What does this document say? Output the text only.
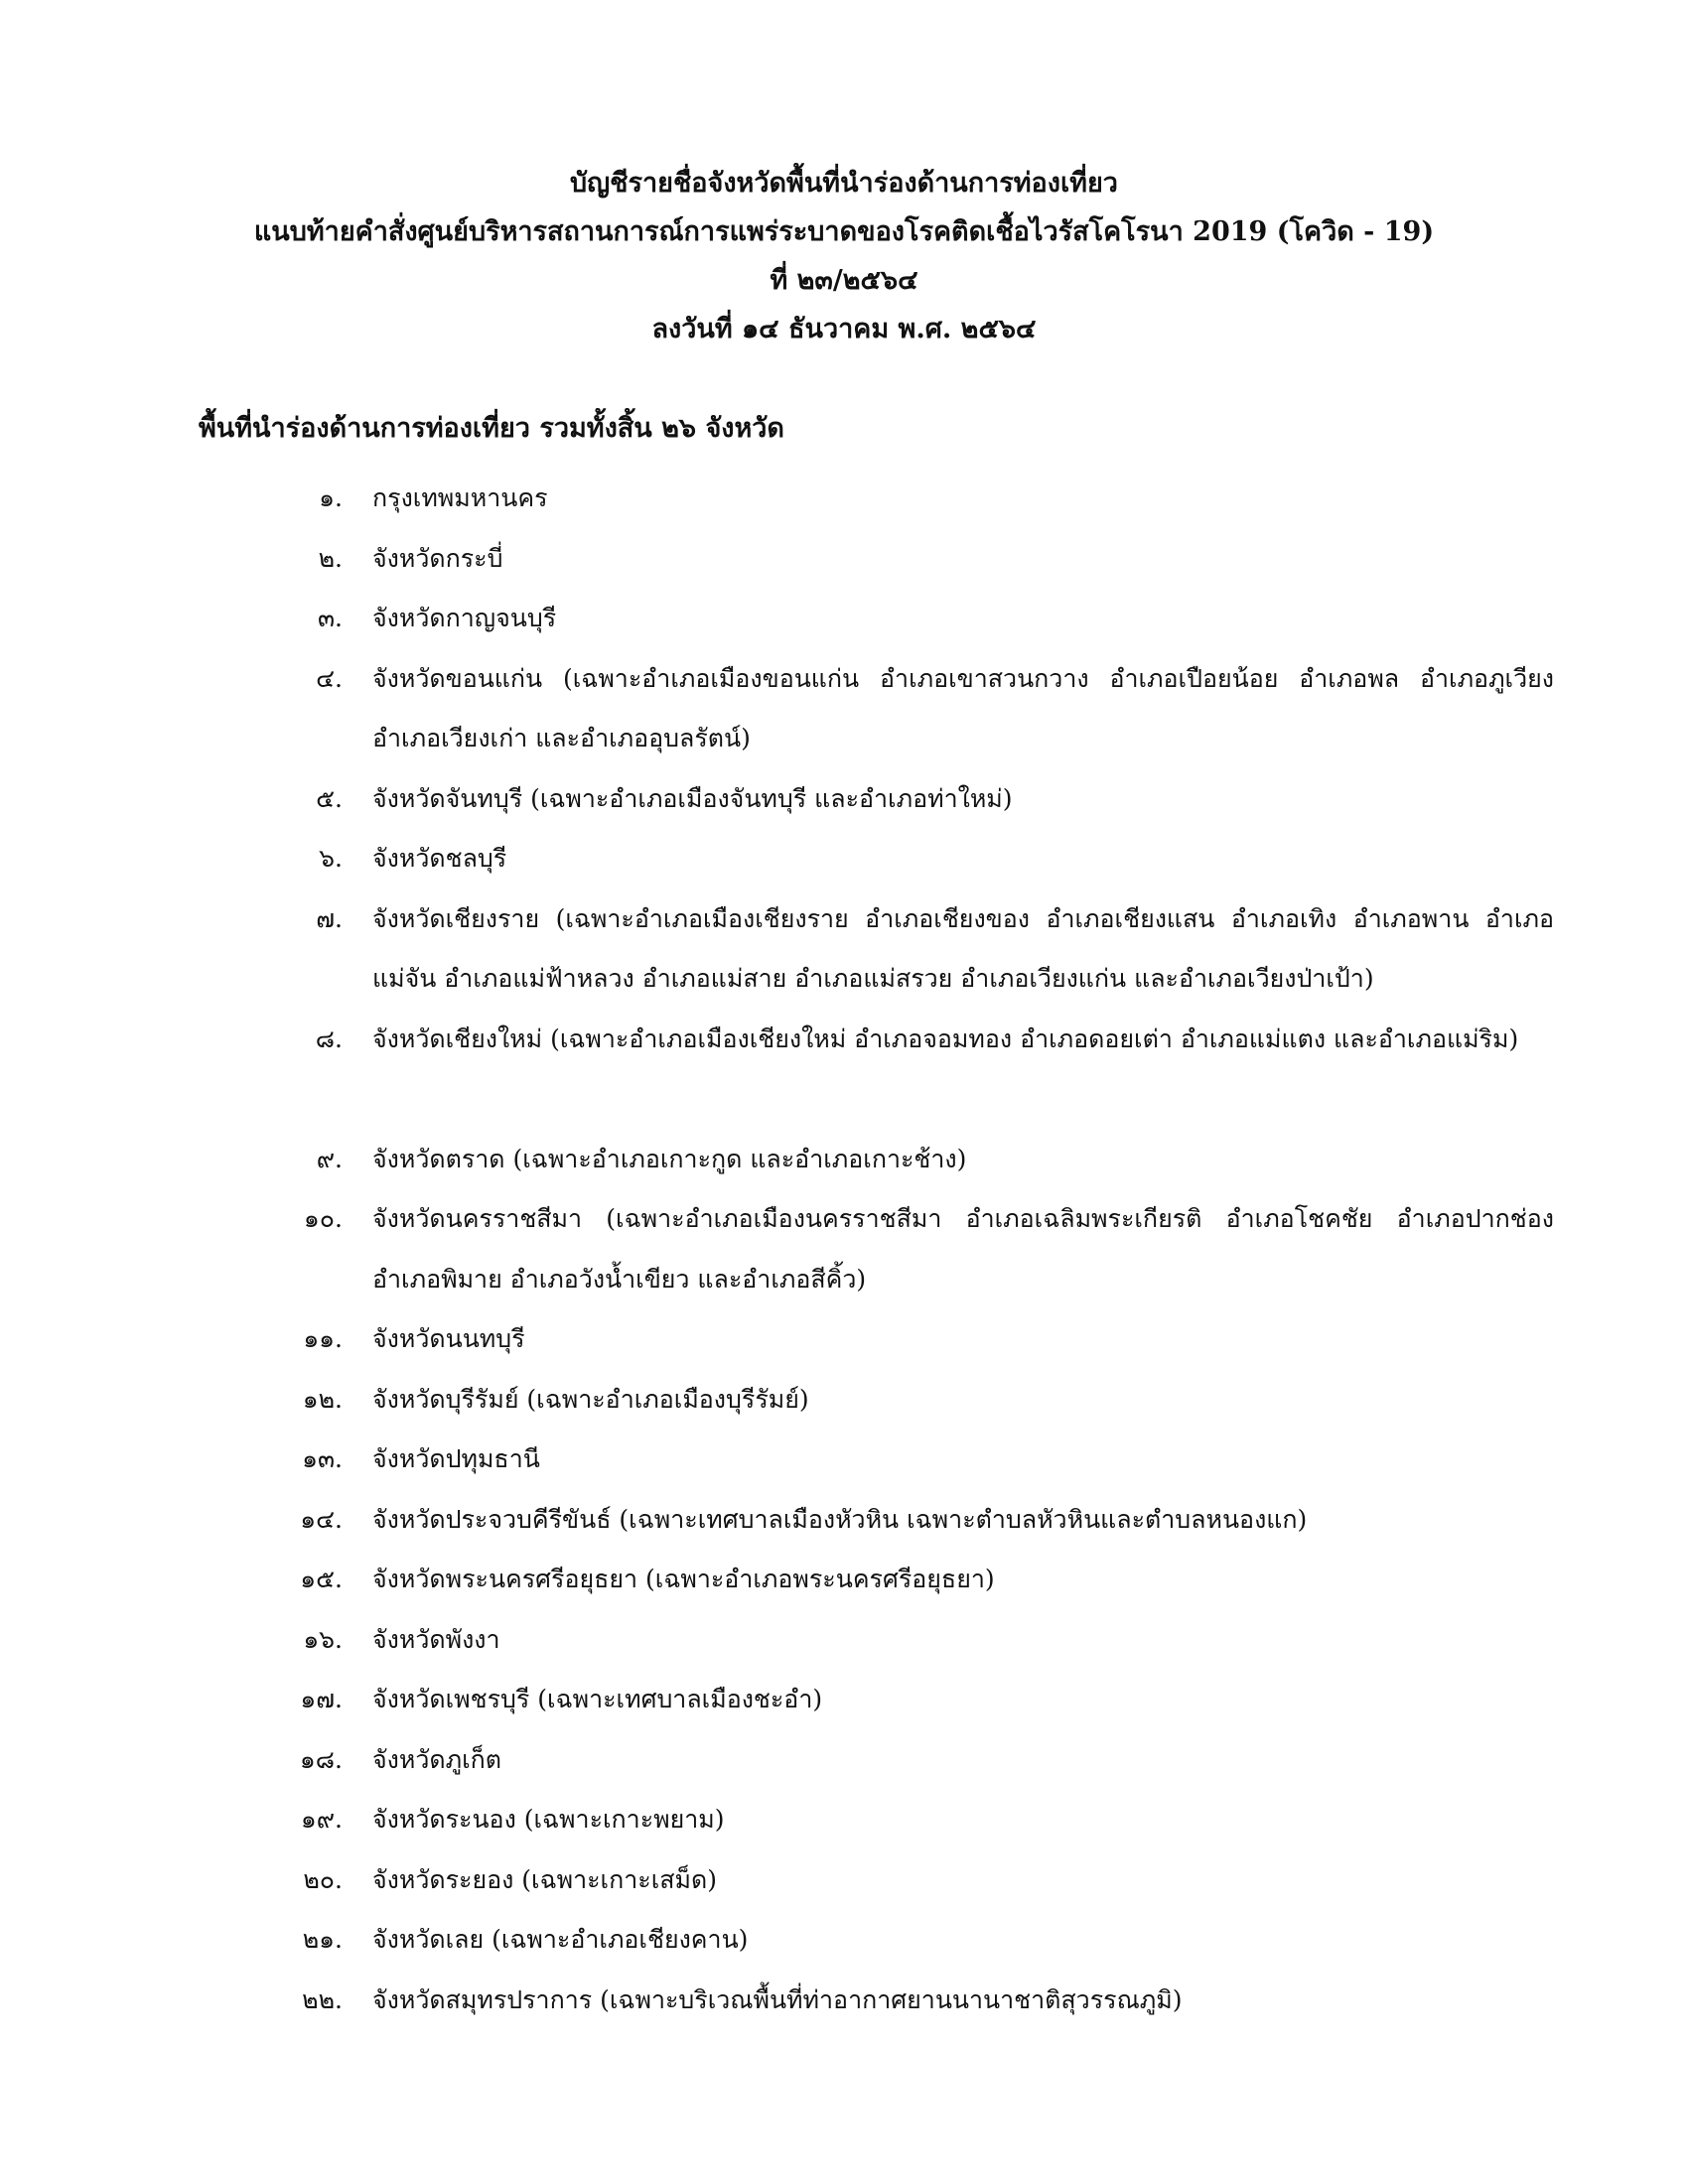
บัญชีรายชื่อจังหวัดพื้นที่นำร่องด้านการท่องเที่ยว
แนบท้ายคำสั่งศูนย์บริหารสถานการณ์การแพร่ระบาดของโรคติดเชื้อไวรัสโคโรนา 2019 (โควิด - 19)
ที่ ๒๓/๒๕๖๔
ลงวันที่ ๑๔ ธันวาคม พ.ศ. ๒๕๖๔
พื้นที่นำร่องด้านการท่องเที่ยว รวมทั้งสิ้น ๒๖ จังหวัด
๑. กรุงเทพมหานคร
๒. จังหวัดกระบี่
๓. จังหวัดกาญจนบุรี
๔. จังหวัดขอนแก่น (เฉพาะอำเภอเมืองขอนแก่น อำเภอเขาสวนกวาง อำเภอเปือยน้อย อำเภอพล อำเภอภูเวียง อำเภอเวียงเก่า และอำเภออุบลรัตน์)
๕. จังหวัดจันทบุรี (เฉพาะอำเภอเมืองจันทบุรี และอำเภอท่าใหม่)
๖. จังหวัดชลบุรี
๗. จังหวัดเชียงราย (เฉพาะอำเภอเมืองเชียงราย อำเภอเชียงของ อำเภอเชียงแสน อำเภอเทิง อำเภอพาน อำเภอแม่จัน อำเภอแม่ฟ้าหลวง อำเภอแม่สาย อำเภอแม่สรวย อำเภอเวียงแก่น และอำเภอเวียงป่าเป้า)
๘. จังหวัดเชียงใหม่ (เฉพาะอำเภอเมืองเชียงใหม่ อำเภอจอมทอง อำเภอดอยเต่า อำเภอแม่แตง และอำเภอแม่ริม)
๙. จังหวัดตราด (เฉพาะอำเภอเกาะกูด และอำเภอเกาะช้าง)
๑๐. จังหวัดนครราชสีมา (เฉพาะอำเภอเมืองนครราชสีมา อำเภอเฉลิมพระเกียรติ อำเภอโชคชัย อำเภอปากช่อง อำเภอพิมาย อำเภอวังน้ำเขียว และอำเภอสีคิ้ว)
๑๑. จังหวัดนนทบุรี
๑๒. จังหวัดบุรีรัมย์ (เฉพาะอำเภอเมืองบุรีรัมย์)
๑๓. จังหวัดปทุมธานี
๑๔. จังหวัดประจวบคีรีขันธ์ (เฉพาะเทศบาลเมืองหัวหิน เฉพาะตำบลหัวหินและตำบลหนองแก)
๑๕. จังหวัดพระนครศรีอยุธยา (เฉพาะอำเภอพระนครศรีอยุธยา)
๑๖. จังหวัดพังงา
๑๗. จังหวัดเพชรบุรี (เฉพาะเทศบาลเมืองชะอำ)
๑๘. จังหวัดภูเก็ต
๑๙. จังหวัดระนอง (เฉพาะเกาะพยาม)
๒๐. จังหวัดระยอง (เฉพาะเกาะเสม็ด)
๒๑. จังหวัดเลย (เฉพาะอำเภอเชียงคาน)
๒๒. จังหวัดสมุทรปราการ (เฉพาะบริเวณพื้นที่ท่าอากาศยานนานาชาติสุวรรณภูมิ)
